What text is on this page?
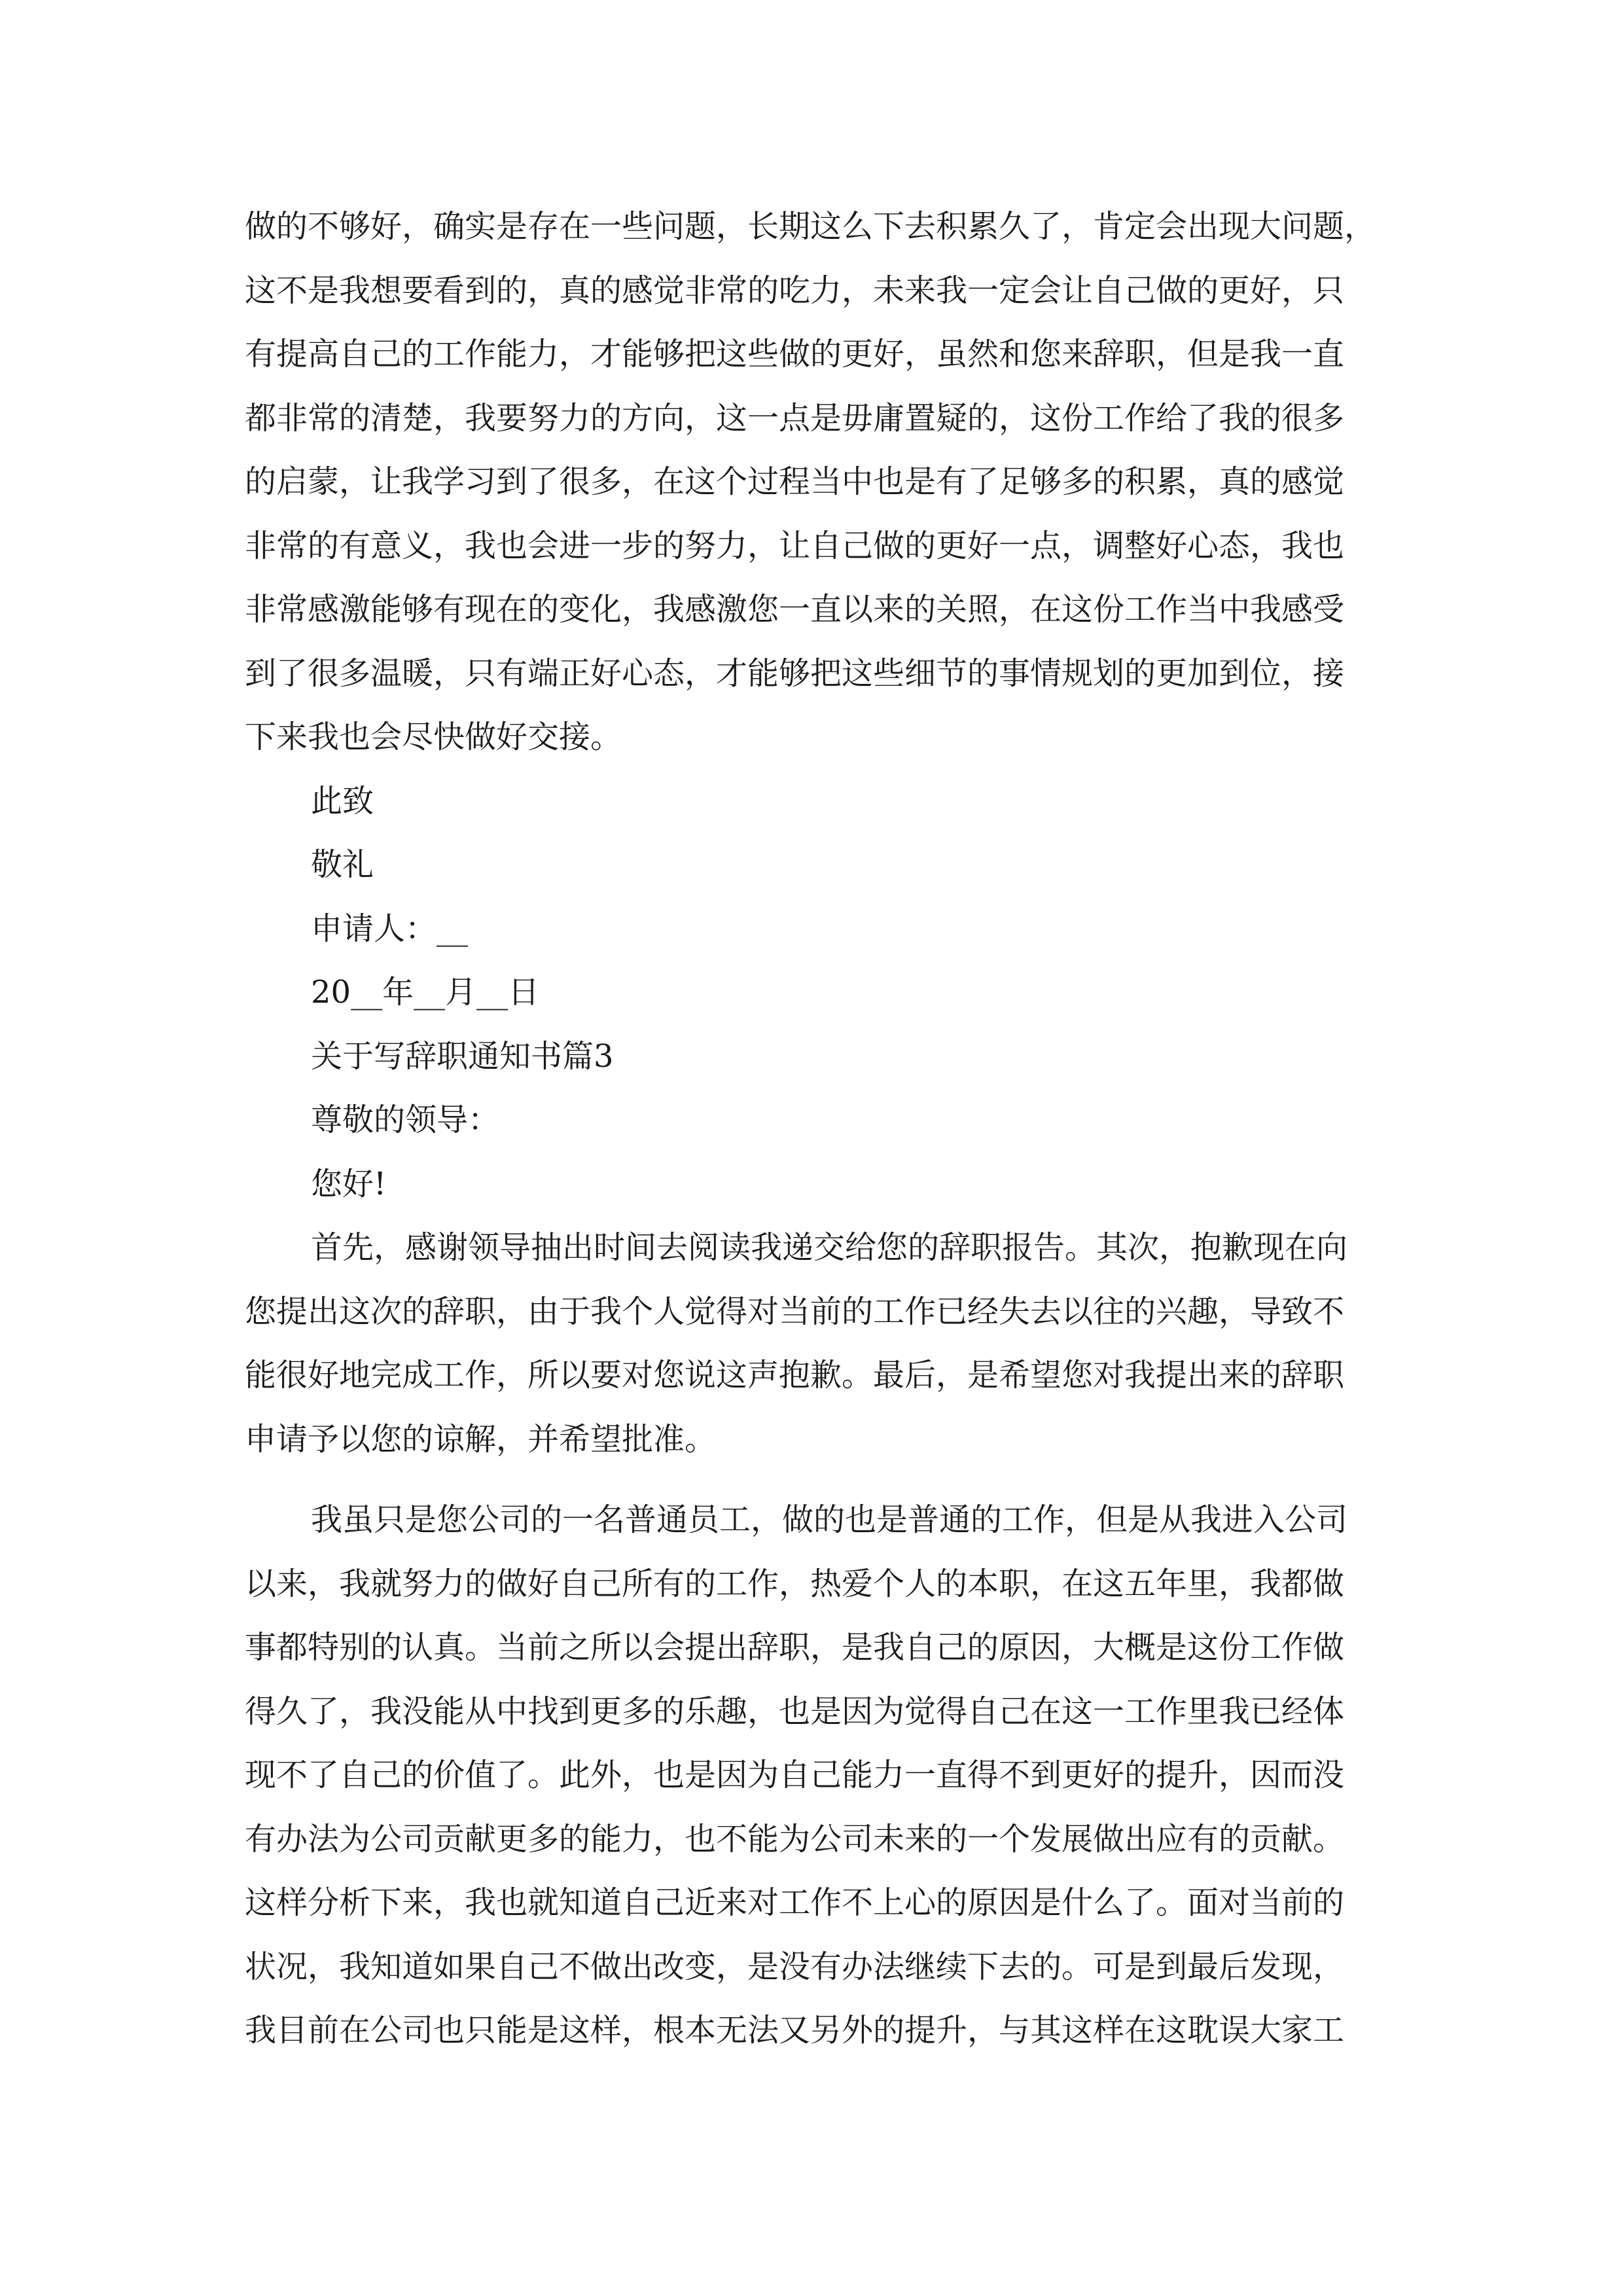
做的不够好，确实是存在一些问题，长期这么下去积累久了，肯定会出现大问题，
这不是我想要看到的，真的感觉非常的吃力，未来我一定会让自己做的更好，只
有提高自己的工作能力，才能够把这些做的更好，虽然和您来辞职，但是我一直
都非常的清楚，我要努力的方向，这一点是毋庸置疑的，这份工作给了我的很多
的启蒙，让我学习到了很多，在这个过程当中也是有了足够多的积累，真的感觉
非常的有意义，我也会进一步的努力，让自己做的更好一点，调整好心态，我也
非常感激能够有现在的变化，我感激您一直以来的关照，在这份工作当中我感受
到了很多温暖，只有端正好心态，才能够把这些细节的事情规划的更加到位，接
下来我也会尽快做好交接。
此致
敬礼
申请人：__
20__年__月__日
关于写辞职通知书篇3
尊敬的领导：
您好!
首先，感谢领导抽出时间去阅读我递交给您的辞职报告。其次，抱歉现在向
您提出这次的辞职，由于我个人觉得对当前的工作已经失去以往的兴趣，导致不
能很好地完成工作，所以要对您说这声抱歉。最后，是希望您对我提出来的辞职
申请予以您的谅解，并希望批准。
我虽只是您公司的一名普通员工，做的也是普通的工作，但是从我进入公司
以来，我就努力的做好自己所有的工作，热爱个人的本职，在这五年里，我都做
事都特别的认真。当前之所以会提出辞职，是我自己的原因，大概是这份工作做
得久了，我没能从中找到更多的乐趣，也是因为觉得自己在这一工作里我已经体
现不了自己的价值了。此外，也是因为自己能力一直得不到更好的提升，因而没
有办法为公司贡献更多的能力，也不能为公司未来的一个发展做出应有的贡献。
这样分析下来，我也就知道自己近来对工作不上心的原因是什么了。面对当前的
状况，我知道如果自己不做出改变，是没有办法继续下去的。可是到最后发现，
我目前在公司也只能是这样，根本无法又另外的提升，与其这样在这耽误大家工
